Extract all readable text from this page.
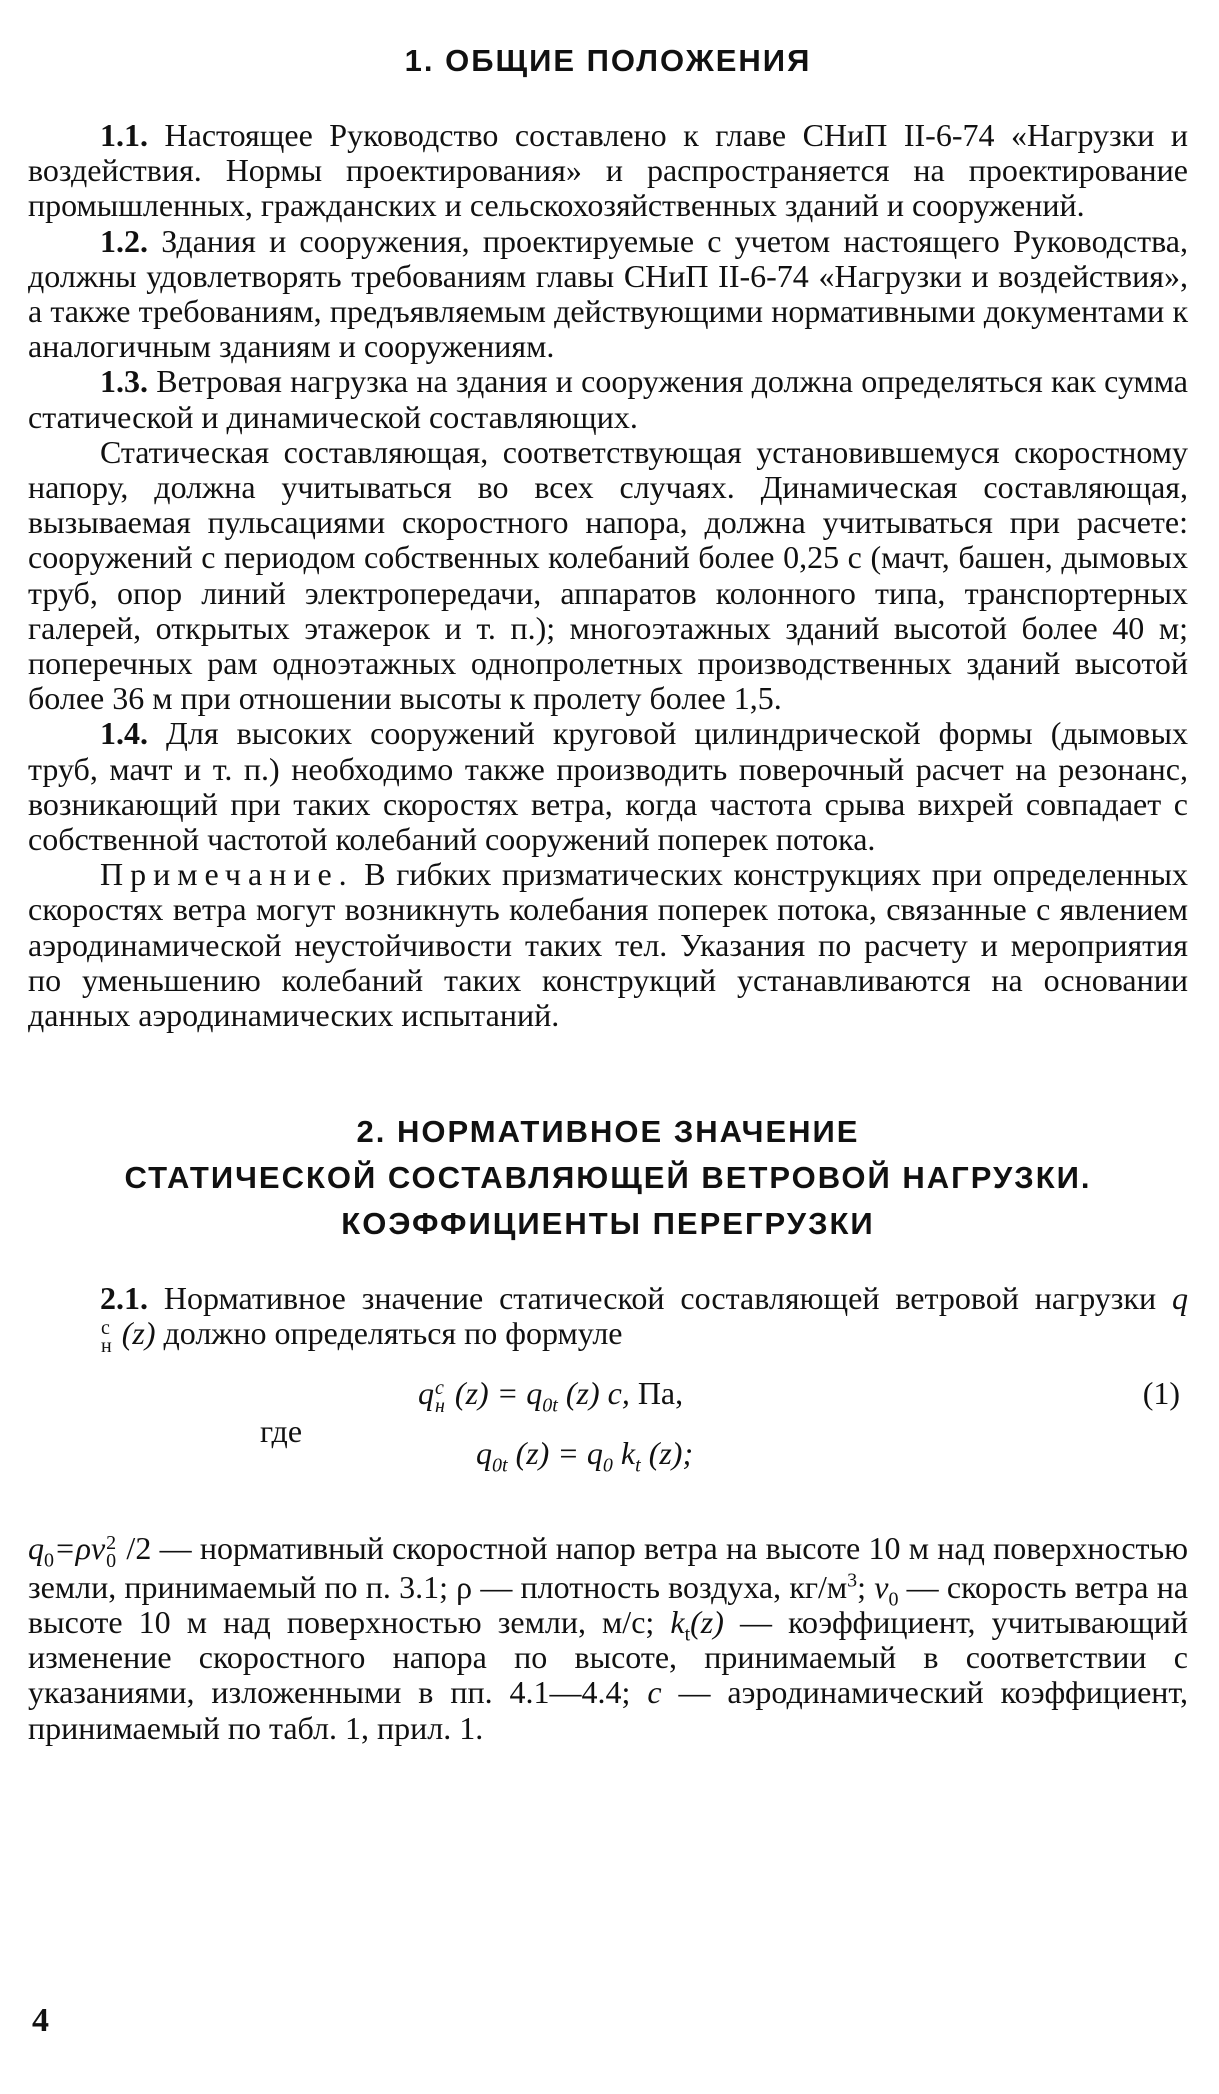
1. ОБЩИЕ ПОЛОЖЕНИЯ

1.1. Настоящее Руководство составлено к главе СНиП II-6-74 «Нагрузки и воздействия. Нормы проектирования» и распространяется на проектирование промышленных, гражданских и сельскохозяйственных зданий и сооружений.

1.2. Здания и сооружения, проектируемые с учетом настоящего Руководства, должны удовлетворять требованиям главы СНиП II-6-74 «Нагрузки и воздействия», а также требованиям, предъявляемым действующими нормативными документами к аналогичным зданиям и сооружениям.

1.3. Ветровая нагрузка на здания и сооружения должна определяться как сумма статической и динамической составляющих.

Статическая составляющая, соответствующая установившемуся скоростному напору, должна учитываться во всех случаях. Динамическая составляющая, вызываемая пульсациями скоростного напора, должна учитываться при расчете: сооружений с периодом собственных колебаний более 0,25 с (мачт, башен, дымовых труб, опор линий электропередачи, аппаратов колонного типа, транспортерных галерей, открытых этажерок и т. п.); многоэтажных зданий высотой более 40 м; поперечных рам одноэтажных однопролетных производственных зданий высотой более 36 м при отношении высоты к пролету более 1,5.

1.4. Для высоких сооружений круговой цилиндрической формы (дымовых труб, мачт и т. п.) необходимо также производить поверочный расчет на резонанс, возникающий при таких скоростях ветра, когда частота срыва вихрей совпадает с собственной частотой колебаний сооружений поперек потока.

Примечание. В гибких призматических конструкциях при определенных скоростях ветра могут возникнуть колебания поперек потока, связанные с явлением аэродинамической неустойчивости таких тел. Указания по расчету и мероприятия по уменьшению колебаний таких конструкций устанавливаются на основании данных аэродинамических испытаний.

2. НОРМАТИВНОЕ ЗНАЧЕНИЕ
СТАТИЧЕСКОЙ СОСТАВЛЯЮЩЕЙ ВЕТРОВОЙ НАГРУЗКИ.
КОЭФФИЦИЕНТЫ ПЕРЕГРУЗКИ

2.1. Нормативное значение статической составляющей ветровой нагрузки q
с
н (z) должно определяться по формуле

q с
н $(z) = q_{0t}$ (z) c, Па,	(1)
где
$q_{0t}$ $(z) = q_0$ $k_t$ (z);

$q_0=\rho v$ 2
0 /2 — нормативный скоростной напор ветра на высоте 10 м над поверхностью земли, принимаемый по п. 3.1; ρ — плотность воздуха, $кг/м^3$; $v_0$ — скорость ветра на высоте 10 м над поверхностью земли, м/с; $k_t(z)$ — коэффициент, учитывающий изменение скоростного напора по высоте, принимаемый в соответствии с указаниями, изложенными в пп. 4.1—4.4; c — аэродинамический коэффициент, принимаемый по табл. 1, прил. 1.

4
